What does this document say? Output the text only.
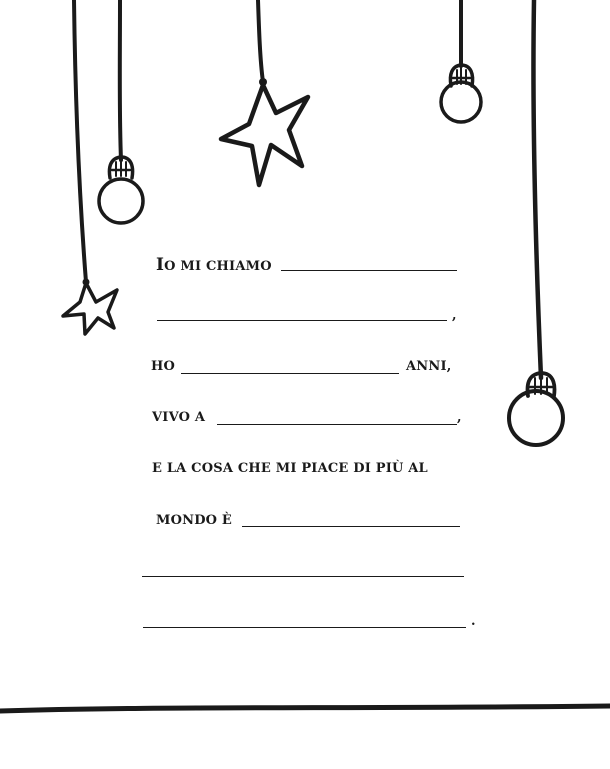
IO MI CHIAMO
,
HO	ANNI,
VIVO A	,
E LA COSA CHE MI PIACE DI PIÙ AL
MONDO È
.
